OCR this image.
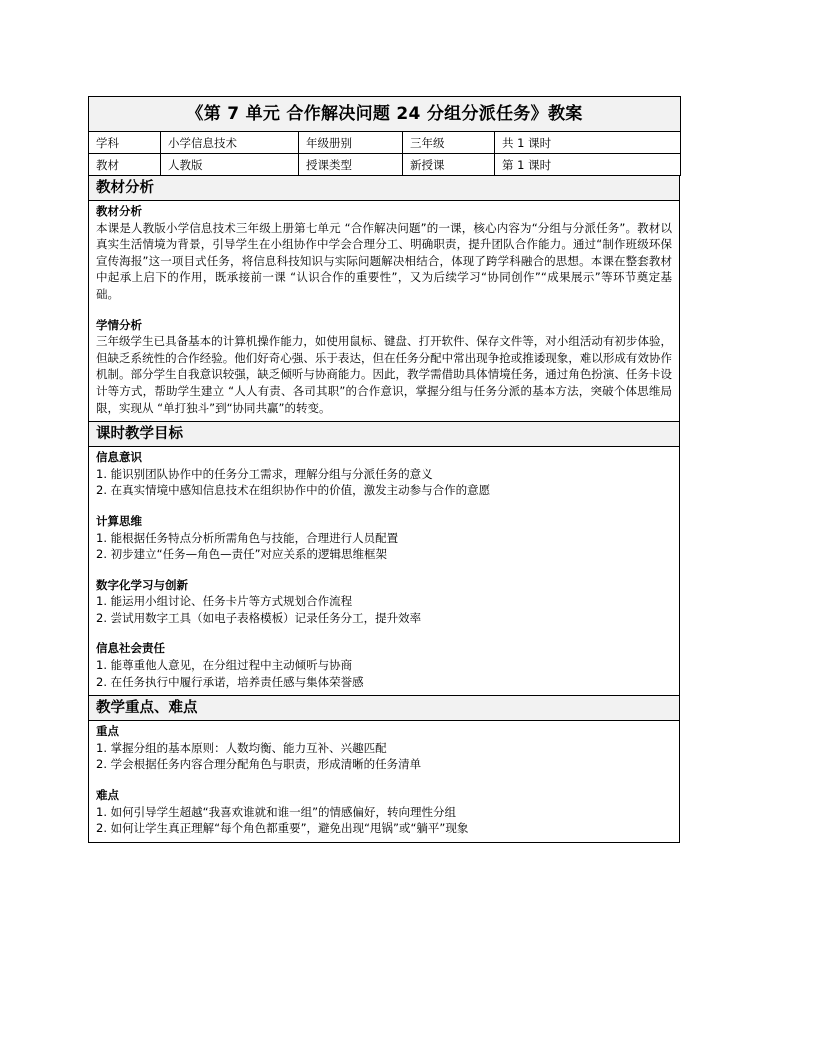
《第 7 单元 合作解决问题 24 分组分派任务》教案				
学科	小学信息技术	年级册别	三年级	共 1 课时
教材	人教版	授课类型	新授课	第 1 课时
教材分析
教材分析
本课是人教版小学信息技术三年级上册第七单元 “合作解决问题”的一课，核心内容为“分组与分派任务”。教材以真实生活情境为背景，引导学生在小组协作中学会合理分工、明确职责，提升团队合作能力。通过“制作班级环保宣传海报”这一项目式任务，将信息科技知识与实际问题解决相结合，体现了跨学科融合的思想。本课在整套教材中起承上启下的作用，既承接前一课 “认识合作的重要性”，又为后续学习“协同创作”“成果展示”等环节奠定基础。
学情分析
三年级学生已具备基本的计算机操作能力，如使用鼠标、键盘、打开软件、保存文件等，对小组活动有初步体验，但缺乏系统性的合作经验。他们好奇心强、乐于表达，但在任务分配中常出现争抢或推诿现象，难以形成有效协作机制。部分学生自我意识较强，缺乏倾听与协商能力。因此，教学需借助具体情境任务，通过角色扮演、任务卡设计等方式，帮助学生建立 “人人有责、各司其职”的合作意识，掌握分组与任务分派的基本方法，突破个体思维局限，实现从 “单打独斗”到“协同共赢”的转变。
课时教学目标
信息意识
1. 能识别团队协作中的任务分工需求，理解分组与分派任务的意义
2. 在真实情境中感知信息技术在组织协作中的价值，激发主动参与合作的意愿
计算思维
1. 能根据任务特点分析所需角色与技能，合理进行人员配置
2. 初步建立“任务—角色—责任”对应关系的逻辑思维框架
数字化学习与创新
1. 能运用小组讨论、任务卡片等方式规划合作流程
2. 尝试用数字工具（如电子表格模板）记录任务分工，提升效率
信息社会责任
1. 能尊重他人意见，在分组过程中主动倾听与协商
2. 在任务执行中履行承诺，培养责任感与集体荣誉感
教学重点、难点
重点
1. 掌握分组的基本原则：人数均衡、能力互补、兴趣匹配
2. 学会根据任务内容合理分配角色与职责，形成清晰的任务清单
难点
1. 如何引导学生超越“我喜欢谁就和谁一组”的情感偏好，转向理性分组
2. 如何让学生真正理解“每个角色都重要”，避免出现“甩锅”或“躺平”现象
